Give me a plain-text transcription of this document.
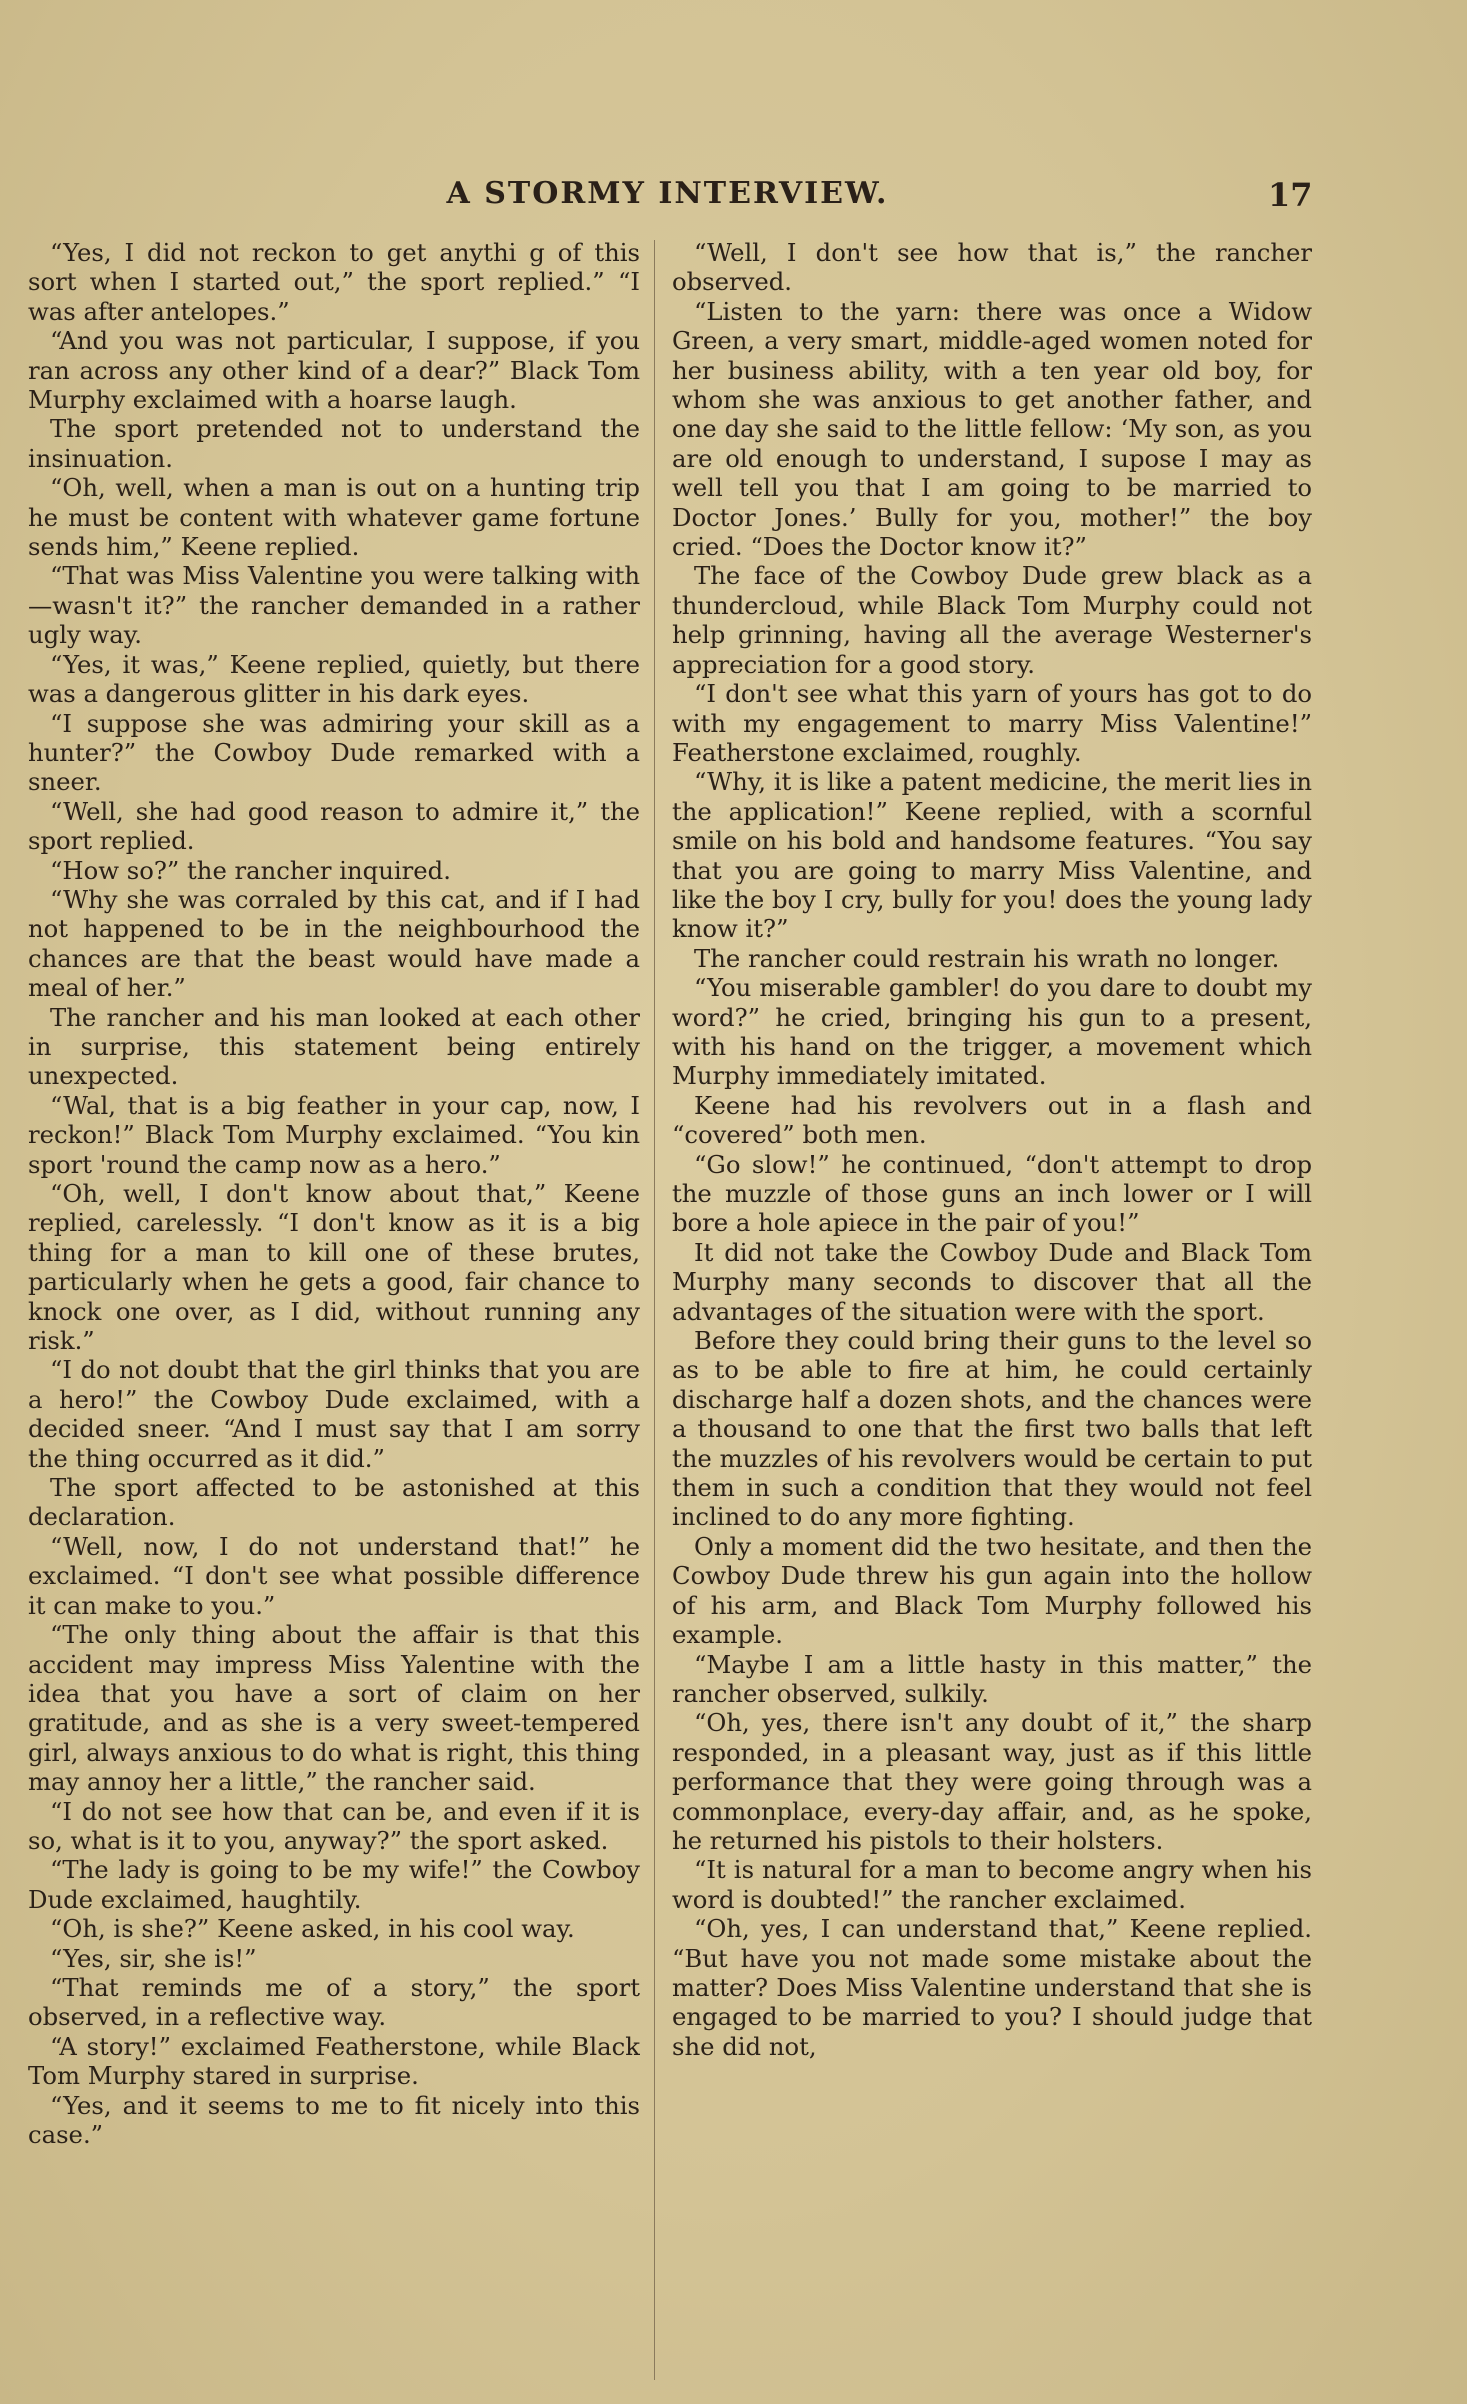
A STORMY INTERVIEW.	17

“Yes, I did not reckon to get anythi g of this sort when I started out,” the sport replied.” “I was after antelopes.”

“And you was not particular, I suppose, if you ran across any other kind of a dear?” Black Tom Murphy exclaimed with a hoarse laugh.

The sport pretended not to understand the insinuation.

“Oh, well, when a man is out on a hunting trip he must be content with whatever game fortune sends him,” Keene replied.

“That was Miss Valentine you were talking with—wasn't it?” the rancher demanded in a rather ugly way.

“Yes, it was,” Keene replied, quietly, but there was a dangerous glitter in his dark eyes.

“I suppose she was admiring your skill as a hunter?” the Cowboy Dude remarked with a sneer.

“Well, she had good reason to admire it,” the sport replied.

“How so?” the rancher inquired.

“Why she was corraled by this cat, and if I had not happened to be in the neighbourhood the chances are that the beast would have made a meal of her.”

The rancher and his man looked at each other in surprise, this statement being entirely unexpected.

“Wal, that is a big feather in your cap, now, I reckon!” Black Tom Murphy exclaimed. “You kin sport 'round the camp now as a hero.”

“Oh, well, I don't know about that,” Keene replied, carelessly. “I don't know as it is a big thing for a man to kill one of these brutes, particularly when he gets a good, fair chance to knock one over, as I did, without running any risk.”

“I do not doubt that the girl thinks that you are a hero!” the Cowboy Dude exclaimed, with a decided sneer. “And I must say that I am sorry the thing occurred as it did.”

The sport affected to be astonished at this declaration.

“Well, now, I do not understand that!” he exclaimed. “I don't see what possible difference it can make to you.”

“The only thing about the affair is that this accident may impress Miss Yalentine with the idea that you have a sort of claim on her gratitude, and as she is a very sweet-tempered girl, always anxious to do what is right, this thing may annoy her a little,” the rancher said.

“I do not see how that can be, and even if it is so, what is it to you, anyway?” the sport asked.

“The lady is going to be my wife!” the Cowboy Dude exclaimed, haughtily.

“Oh, is she?” Keene asked, in his cool way.

“Yes, sir, she is!”

“That reminds me of a story,” the sport observed, in a reflective way.

“A story!” exclaimed Featherstone, while Black Tom Murphy stared in surprise.

“Yes, and it seems to me to fit nicely into this case.”

“Well, I don't see how that is,” the rancher observed.

“Listen to the yarn: there was once a Widow Green, a very smart, middle-aged women noted for her business ability, with a ten year old boy, for whom she was anxious to get another father, and one day she said to the little fellow: ‘My son, as you are old enough to understand, I supose I may as well tell you that I am going to be married to Doctor Jones.’ Bully for you, mother!” the boy cried. “Does the Doctor know it?”

The face of the Cowboy Dude grew black as a thundercloud, while Black Tom Murphy could not help grinning, having all the average Westerner's appreciation for a good story.

“I don't see what this yarn of yours has got to do with my engagement to marry Miss Valentine!” Featherstone exclaimed, roughly.

“Why, it is like a patent medicine, the merit lies in the application!” Keene replied, with a scornful smile on his bold and handsome features. “You say that you are going to marry Miss Valentine, and like the boy I cry, bully for you! does the young lady know it?”

The rancher could restrain his wrath no longer.

“You miserable gambler! do you dare to doubt my word?” he cried, bringing his gun to a present, with his hand on the trigger, a movement which Murphy immediately imitated.

Keene had his revolvers out in a flash and “covered” both men.

“Go slow!” he continued, “don't attempt to drop the muzzle of those guns an inch lower or I will bore a hole apiece in the pair of you!”

It did not take the Cowboy Dude and Black Tom Murphy many seconds to discover that all the advantages of the situation were with the sport.

Before they could bring their guns to the level so as to be able to fire at him, he could certainly discharge half a dozen shots, and the chances were a thousand to one that the first two balls that left the muzzles of his revolvers would be certain to put them in such a condition that they would not feel inclined to do any more fighting.

Only a moment did the two hesitate, and then the Cowboy Dude threw his gun again into the hollow of his arm, and Black Tom Murphy followed his example.

“Maybe I am a little hasty in this matter,” the rancher observed, sulkily.

“Oh, yes, there isn't any doubt of it,” the sharp responded, in a pleasant way, just as if this little performance that they were going through was a commonplace, every-day affair, and, as he spoke, he returned his pistols to their holsters.

“It is natural for a man to become angry when his word is doubted!” the rancher exclaimed.

“Oh, yes, I can understand that,” Keene replied. “But have you not made some mistake about the matter? Does Miss Valentine understand that she is engaged to be married to you? I should judge that she did not,
